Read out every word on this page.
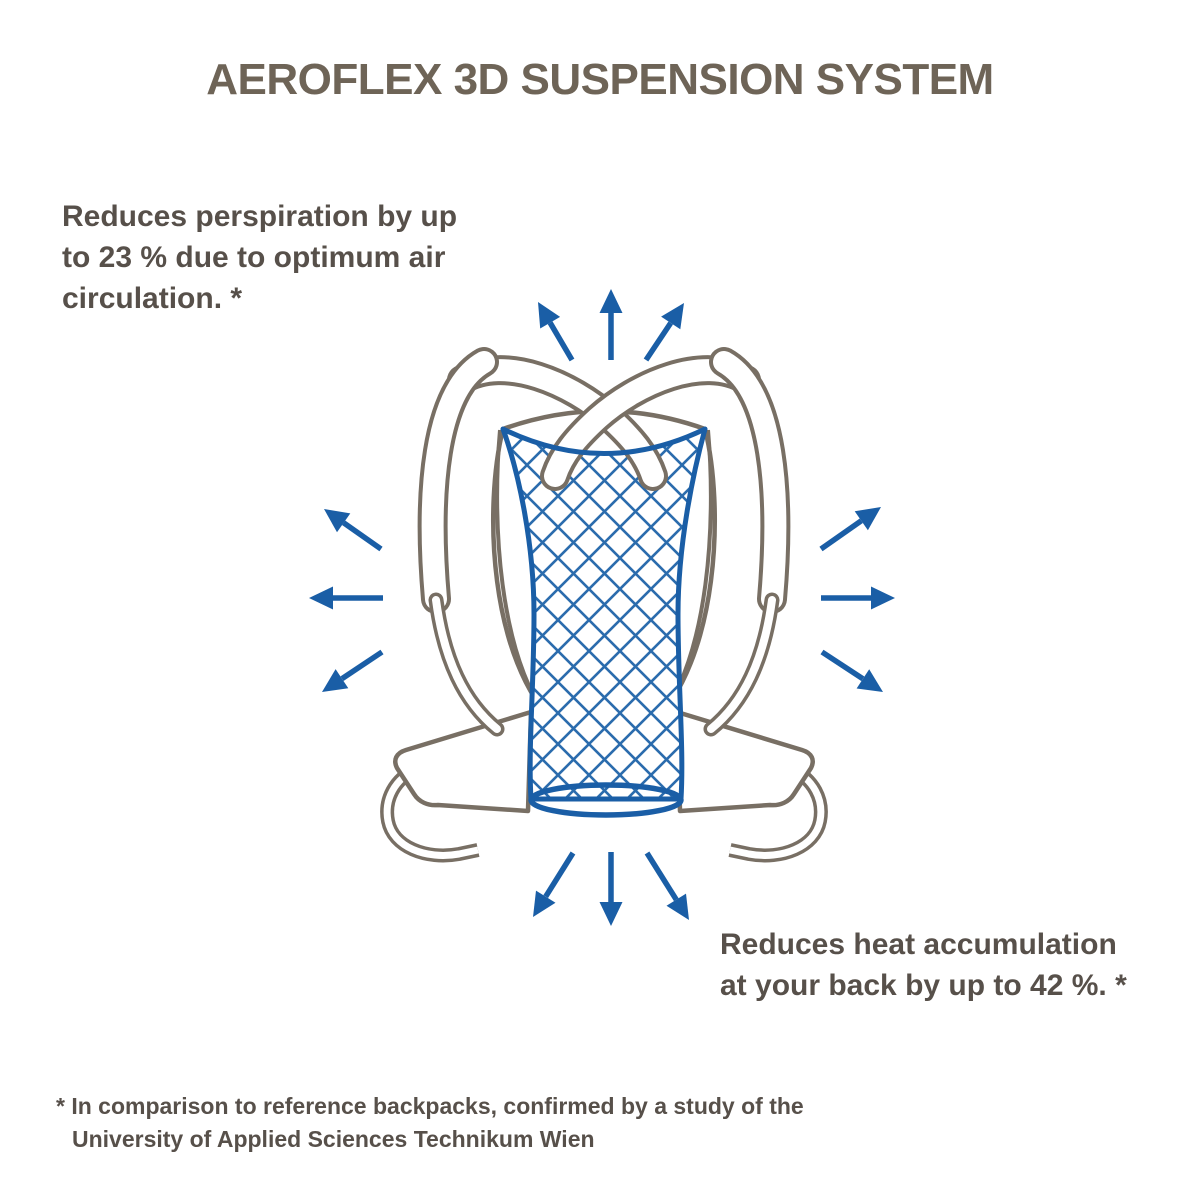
AEROFLEX 3D SUSPENSION SYSTEM
Reduces perspiration by up
to 23 % due to optimum air
circulation. *
Reduces heat accumulation
at your back by up to 42 %. *
* In comparison to reference backpacks, confirmed by a study of the
University of Applied Sciences Technikum Wien
